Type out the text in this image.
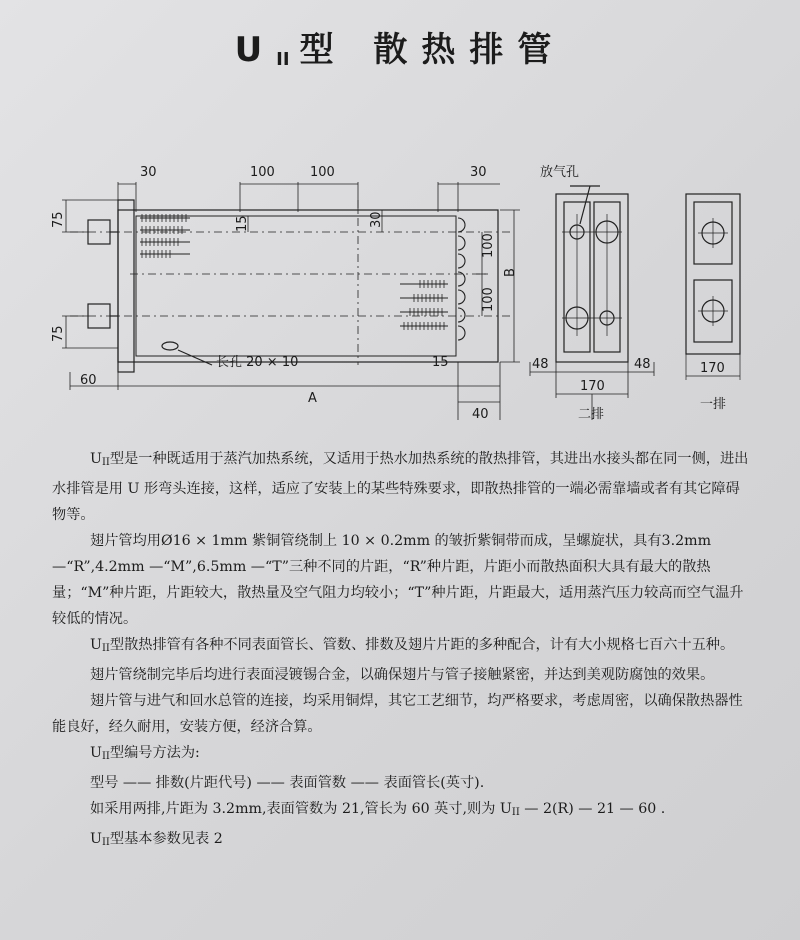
$U_{II}$ 型 散热排管
30	100	100	30
75
75
15	30
100
100
B
长孔 20 × 10	15
60
A
40
放气孔
48	48
170
二排
170
一排

UII型是一种既适用于蒸汽加热系统，又适用于热水加热系统的散热排管，其进出水接头都在同一侧，进出水排管是用 U 形弯头连接，这样，适应了安装上的某些特殊要求，即散热排管的一端必需靠墙或者有其它障碍物等。

翅片管均用Ø16 × 1mm 紫铜管绕制上 10 × 0.2mm 的皱折紫铜带而成，呈螺旋状，具有3.2mm —“R”,4.2mm —“M”,6.5mm —“T”三种不同的片距，“R”种片距，片距小而散热面积大具有最大的散热量；“M”种片距，片距较大，散热量及空气阻力均较小；“T”种片距，片距最大，适用蒸汽压力较高而空气温升较低的情况。

UII型散热排管有各种不同表面管长、管数、排数及翅片片距的多种配合，计有大小规格七百六十五种。

翅片管绕制完毕后均进行表面浸镀锡合金，以确保翅片与管子接触紧密，并达到美观防腐蚀的效果。

翅片管与进气和回水总管的连接，均采用铜焊，其它工艺细节，均严格要求，考虑周密，以确保散热器性能良好，经久耐用，安装方便，经济合算。

UII型编号方法为:

型号 —— 排数(片距代号) —— 表面管数 —— 表面管长(英寸).

如采用两排,片距为 3.2mm,表面管数为 21,管长为 60 英寸,则为 UII — 2(R) — 21 — 60 .

UII型基本参数见表 2
